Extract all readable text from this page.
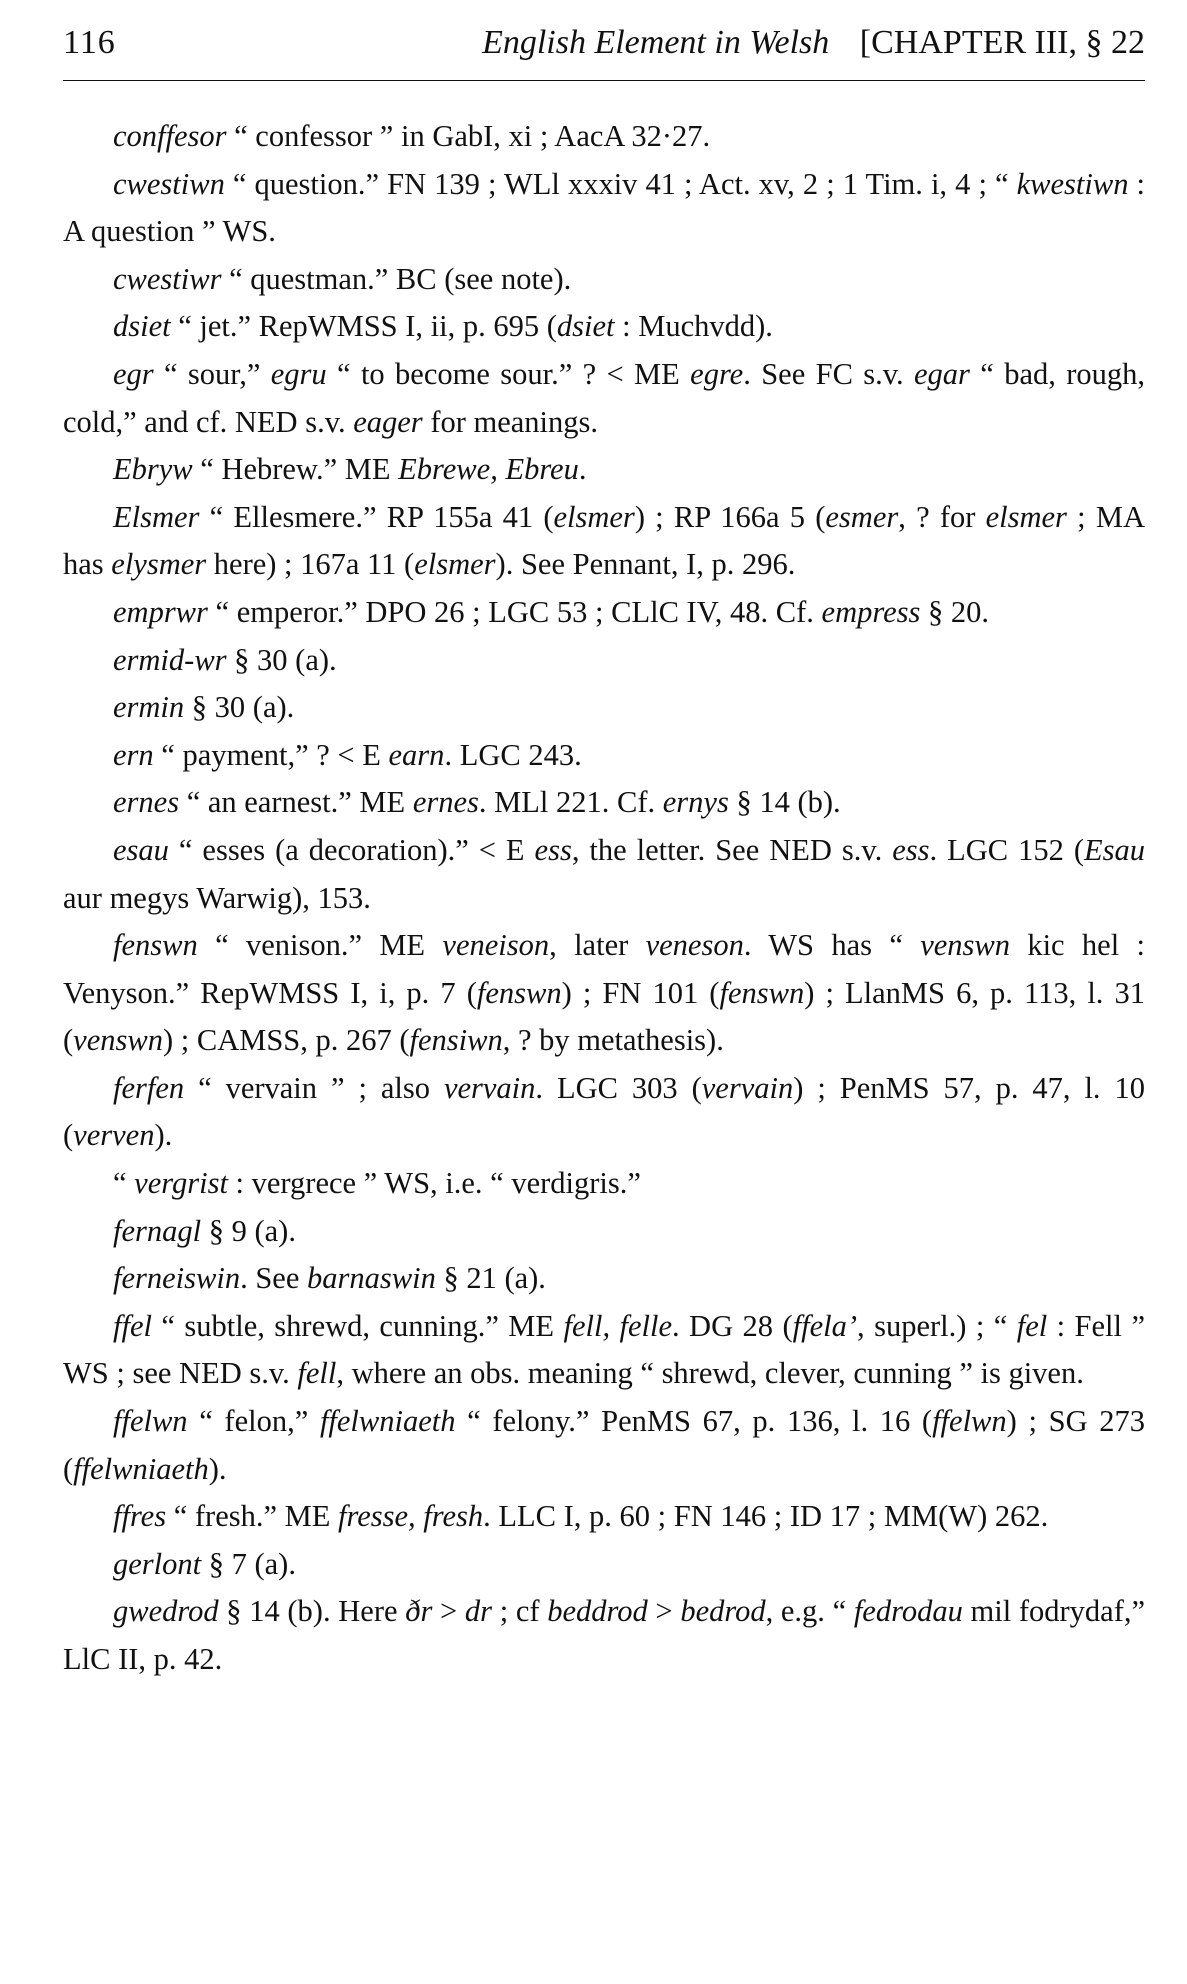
116	English Element in Welsh [CHAPTER III, § 22

conffesor “ confessor ” in GabI, xi ; AacA 32·27.

cwestiwn “ question.” FN 139 ; WLl xxxiv 41 ; Act. xv, 2 ; 1 Tim. i, 4 ; “ kwestiwn : A question ” WS.

cwestiwr “ questman.” BC (see note).

dsiet “ jet.” RepWMSS I, ii, p. 695 (dsiet : Muchvdd).

egr “ sour,” egru “ to become sour.” ? < ME egre. See FC s.v. egar “ bad, rough, cold,” and cf. NED s.v. eager for meanings.

Ebryw “ Hebrew.” ME Ebrewe, Ebreu.

Elsmer “ Ellesmere.” RP 155a 41 (elsmer) ; RP 166a 5 (esmer, ? for elsmer ; MA has elysmer here) ; 167a 11 (elsmer). See Pennant, I, p. 296.

emprwr “ emperor.” DPO 26 ; LGC 53 ; CLlC IV, 48. Cf. empress § 20.

ermid-wr § 30 (a).

ermin § 30 (a).

ern “ payment,” ? < E earn. LGC 243.

ernes “ an earnest.” ME ernes. MLl 221. Cf. ernys § 14 (b).

esau “ esses (a decoration).” < E ess, the letter. See NED s.v. ess. LGC 152 (Esau aur megys Warwig), 153.

fenswn “ venison.” ME veneison, later veneson. WS has “ venswn kic hel : Venyson.” RepWMSS I, i, p. 7 (fenswn) ; FN 101 (fenswn) ; LlanMS 6, p. 113, l. 31 (venswn) ; CAMSS, p. 267 (fensiwn, ? by metathesis).

ferfen “ vervain ” ; also vervain. LGC 303 (vervain) ; PenMS 57, p. 47, l. 10 (verven).

“ vergrist : vergrece ” WS, i.e. “ verdigris.”

fernagl § 9 (a).

ferneiswin. See barnaswin § 21 (a).

ffel “ subtle, shrewd, cunning.” ME fell, felle. DG 28 (ffela’, superl.) ; “ fel : Fell ” WS ; see NED s.v. fell, where an obs. meaning “ shrewd, clever, cunning ” is given.

ffelwn “ felon,” ffelwniaeth “ felony.” PenMS 67, p. 136, l. 16 (ffelwn) ; SG 273 (ffelwniaeth).

ffres “ fresh.” ME fresse, fresh. LLC I, p. 60 ; FN 146 ; ID 17 ; MM(W) 262.

gerlont § 7 (a).

gwedrod § 14 (b). Here ðr > dr ; cf beddrod > bedrod, e.g. “ fedrodau mil fodrydaf,” LlC II, p. 42.
